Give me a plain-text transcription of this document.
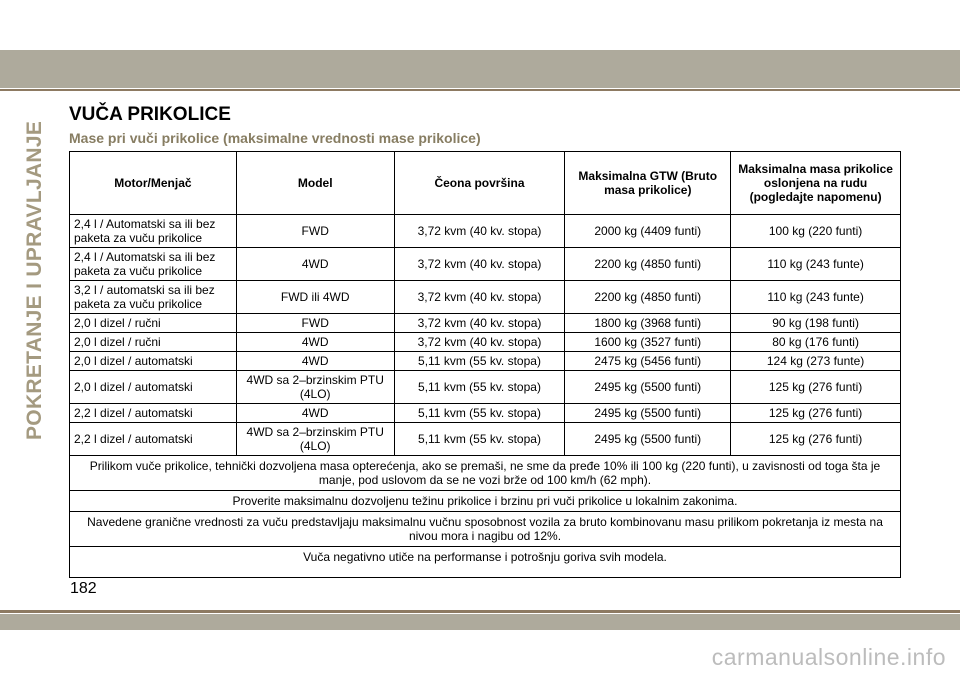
POKRETANJE I UPRAVLJANJE
VUČA PRIKOLICE
Mase pri vuči prikolice (maksimalne vrednosti mase prikolice)
Motor/Menjač	Model	Čeona površina	Maksimalna GTW (Bruto masa prikolice)	Maksimalna masa prikolice oslonjena na rudu (pogledajte napomenu)
2,4 l / Automatski sa ili bez paketa za vuču prikolice	FWD	3,72 kvm (40 kv. stopa)	2000 kg (4409 funti)	100 kg (220 funti)
2,4 l / Automatski sa ili bez paketa za vuču prikolice	4WD	3,72 kvm (40 kv. stopa)	2200 kg (4850 funti)	110 kg (243 funte)
3,2 l / automatski sa ili bez paketa za vuču prikolice	FWD ili 4WD	3,72 kvm (40 kv. stopa)	2200 kg (4850 funti)	110 kg (243 funte)
2,0 l dizel / ručni	FWD	3,72 kvm (40 kv. stopa)	1800 kg (3968 funti)	90 kg (198 funti)
2,0 l dizel / ručni	4WD	3,72 kvm (40 kv. stopa)	1600 kg (3527 funti)	80 kg (176 funti)
2,0 l dizel / automatski	4WD	5,11 kvm (55 kv. stopa)	2475 kg (5456 funti)	124 kg (273 funte)
2,0 l dizel / automatski	4WD sa 2–brzinskim PTU (4LO)	5,11 kvm (55 kv. stopa)	2495 kg (5500 funti)	125 kg (276 funti)
2,2 l dizel / automatski	4WD	5,11 kvm (55 kv. stopa)	2495 kg (5500 funti)	125 kg (276 funti)
2,2 l dizel / automatski	4WD sa 2–brzinskim PTU (4LO)	5,11 kvm (55 kv. stopa)	2495 kg (5500 funti)	125 kg (276 funti)
Prilikom vuče prikolice, tehnički dozvoljena masa opterećenja, ako se premaši, ne sme da pređe 10% ili 100 kg (220 funti), u zavisnosti od toga šta je manje, pod uslovom da se ne vozi brže od 100 km/h (62 mph).				
Proverite maksimalnu dozvoljenu težinu prikolice i brzinu pri vuči prikolice u lokalnim zakonima.				
Navedene granične vrednosti za vuču predstavljaju maksimalnu vučnu sposobnost vozila za bruto kombinovanu masu prilikom pokretanja iz mesta na nivou mora i nagibu od 12%.				
Vuča negativno utiče na performanse i potrošnju goriva svih modela.				
182
carmanualsonline.info
